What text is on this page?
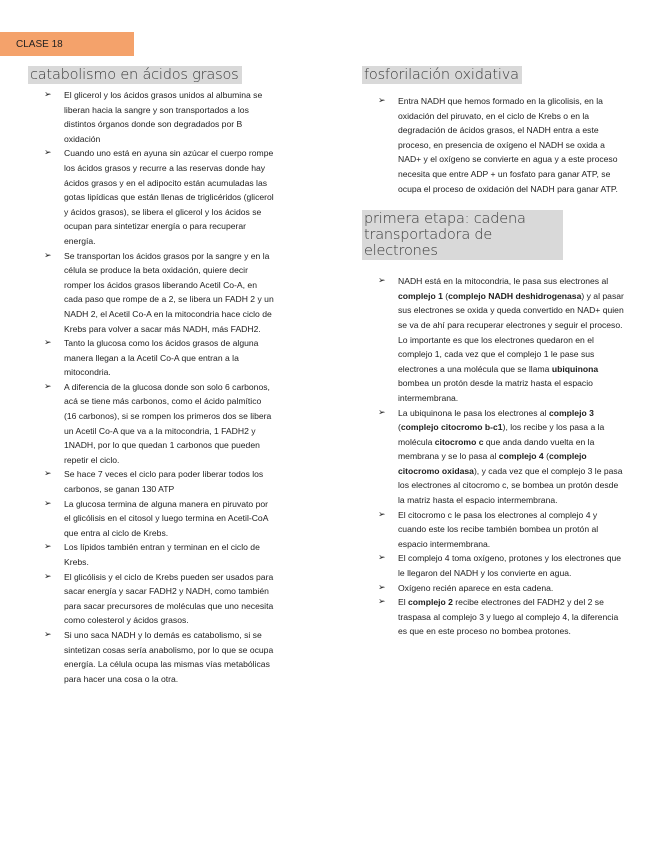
CLASE 18
catabolismo en ácidos grasos
➢ El glicerol y los ácidos grasos unidos al albumina se liberan hacia la sangre y son transportados a los distintos órganos donde son degradados por B oxidación
➢ Cuando uno está en ayuna sin azúcar el cuerpo rompe los ácidos grasos y recurre a las reservas donde hay ácidos grasos y en el adipocito están acumuladas las gotas lipídicas que están llenas de triglicéridos (glicerol y ácidos grasos), se libera el glicerol y los ácidos se ocupan para sintetizar energía o para recuperar energía.
➢ Se transportan los ácidos grasos por la sangre y en la célula se produce la beta oxidación, quiere decir romper los ácidos grasos liberando Acetil Co-A, en cada paso que rompe de a 2, se libera un FADH 2 y un NADH 2, el Acetil Co-A en la mitocondria hace ciclo de Krebs para volver a sacar más NADH, más FADH2.
➢ Tanto la glucosa como los ácidos grasos de alguna manera llegan a la Acetil Co-A que entran a la mitocondria.
➢ A diferencia de la glucosa donde son solo 6 carbonos, acá se tiene más carbonos, como el ácido palmítico (16 carbonos), si se rompen los primeros dos se libera un Acetil Co-A que va a la mitocondria, 1 FADH2 y 1NADH, por lo que quedan 1 carbonos que pueden repetir el ciclo.
➢ Se hace 7 veces el ciclo para poder liberar todos los carbonos, se ganan 130 ATP
➢ La glucosa termina de alguna manera en piruvato por el glicólisis en el citosol y luego termina en Acetil-CoA que entra al ciclo de Krebs.
➢ Los lípidos también entran y terminan en el ciclo de Krebs.
➢ El glicólisis y el ciclo de Krebs pueden ser usados para sacar energía y sacar FADH2 y NADH, como también para sacar precursores de moléculas que uno necesita como colesterol y ácidos grasos.
➢ Si uno saca NADH y lo demás es catabolismo, si se sintetizan cosas sería anabolismo, por lo que se ocupa energía. La célula ocupa las mismas vías metabólicas para hacer una cosa o la otra.
fosforilación oxidativa
➢ Entra NADH que hemos formado en la glicolisis, en la oxidación del piruvato, en el ciclo de Krebs o en la degradación de ácidos grasos, el NADH entra a este proceso, en presencia de oxígeno el NADH se oxida a NAD+ y el oxígeno se convierte en agua y a este proceso necesita que entre ADP + un fosfato para ganar ATP, se ocupa el proceso de oxidación del NADH para ganar ATP.
primera etapa: cadena transportadora de electrones
➢ NADH está en la mitocondria, le pasa sus electrones al complejo 1 (complejo NADH deshidrogenasa) y al pasar sus electrones se oxida y queda convertido en NAD+ quien se va de ahí para recuperar electrones y seguir el proceso. Lo importante es que los electrones quedaron en el complejo 1, cada vez que el complejo 1 le pase sus electrones a una molécula que se llama ubiquinona bombea un protón desde la matriz hasta el espacio intermembrana.
➢ La ubiquinona le pasa los electrones al complejo 3 (complejo citocromo b-c1), los recibe y los pasa a la molécula citocromo c que anda dando vuelta en la membrana y se lo pasa al complejo 4 (complejo citocromo oxidasa), y cada vez que el complejo 3 le pasa los electrones al citocromo c, se bombea un protón desde la matriz hasta el espacio intermembrana.
➢ El citocromo c le pasa los electrones al complejo 4 y cuando este los recibe también bombea un protón al espacio intermembrana.
➢ El complejo 4 toma oxígeno, protones y los electrones que le llegaron del NADH y los convierte en agua.
➢ Oxígeno recién aparece en esta cadena.
➢ El complejo 2 recibe electrones del FADH2 y del 2 se traspasa al complejo 3 y luego al complejo 4, la diferencia es que en este proceso no bombea protones.
